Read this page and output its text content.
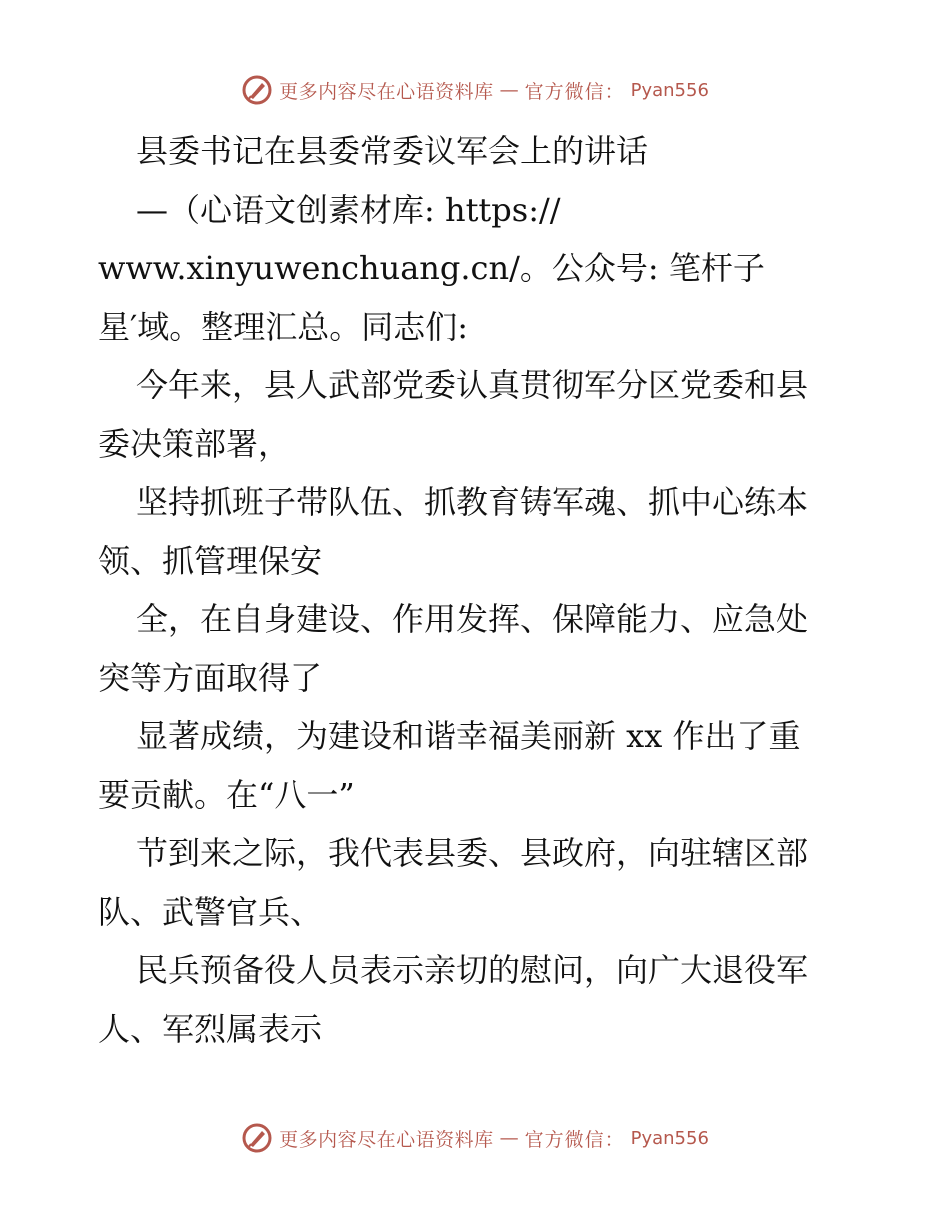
更多内容尽在心语资料库 — 官方微信： Pyan556

县委书记在县委常委议军会上的讲话

—（心语文创素材库: https://

www.xinyuwenchuang.cn/。公众号: 笔杆子

星′域。整理汇总。同志们:

今年来，县人武部党委认真贯彻军分区党委和县

委决策部署，

坚持抓班子带队伍、抓教育铸军魂、抓中心练本

领、抓管理保安

全，在自身建设、作用发挥、保障能力、应急处

突等方面取得了

显著成绩，为建设和谐幸福美丽新 xx 作出了重

要贡献。在“八一”

节到来之际，我代表县委、县政府，向驻辖区部

队、武警官兵、

民兵预备役人员表示亲切的慰问，向广大退役军

人、军烈属表示

更多内容尽在心语资料库 — 官方微信： Pyan556
